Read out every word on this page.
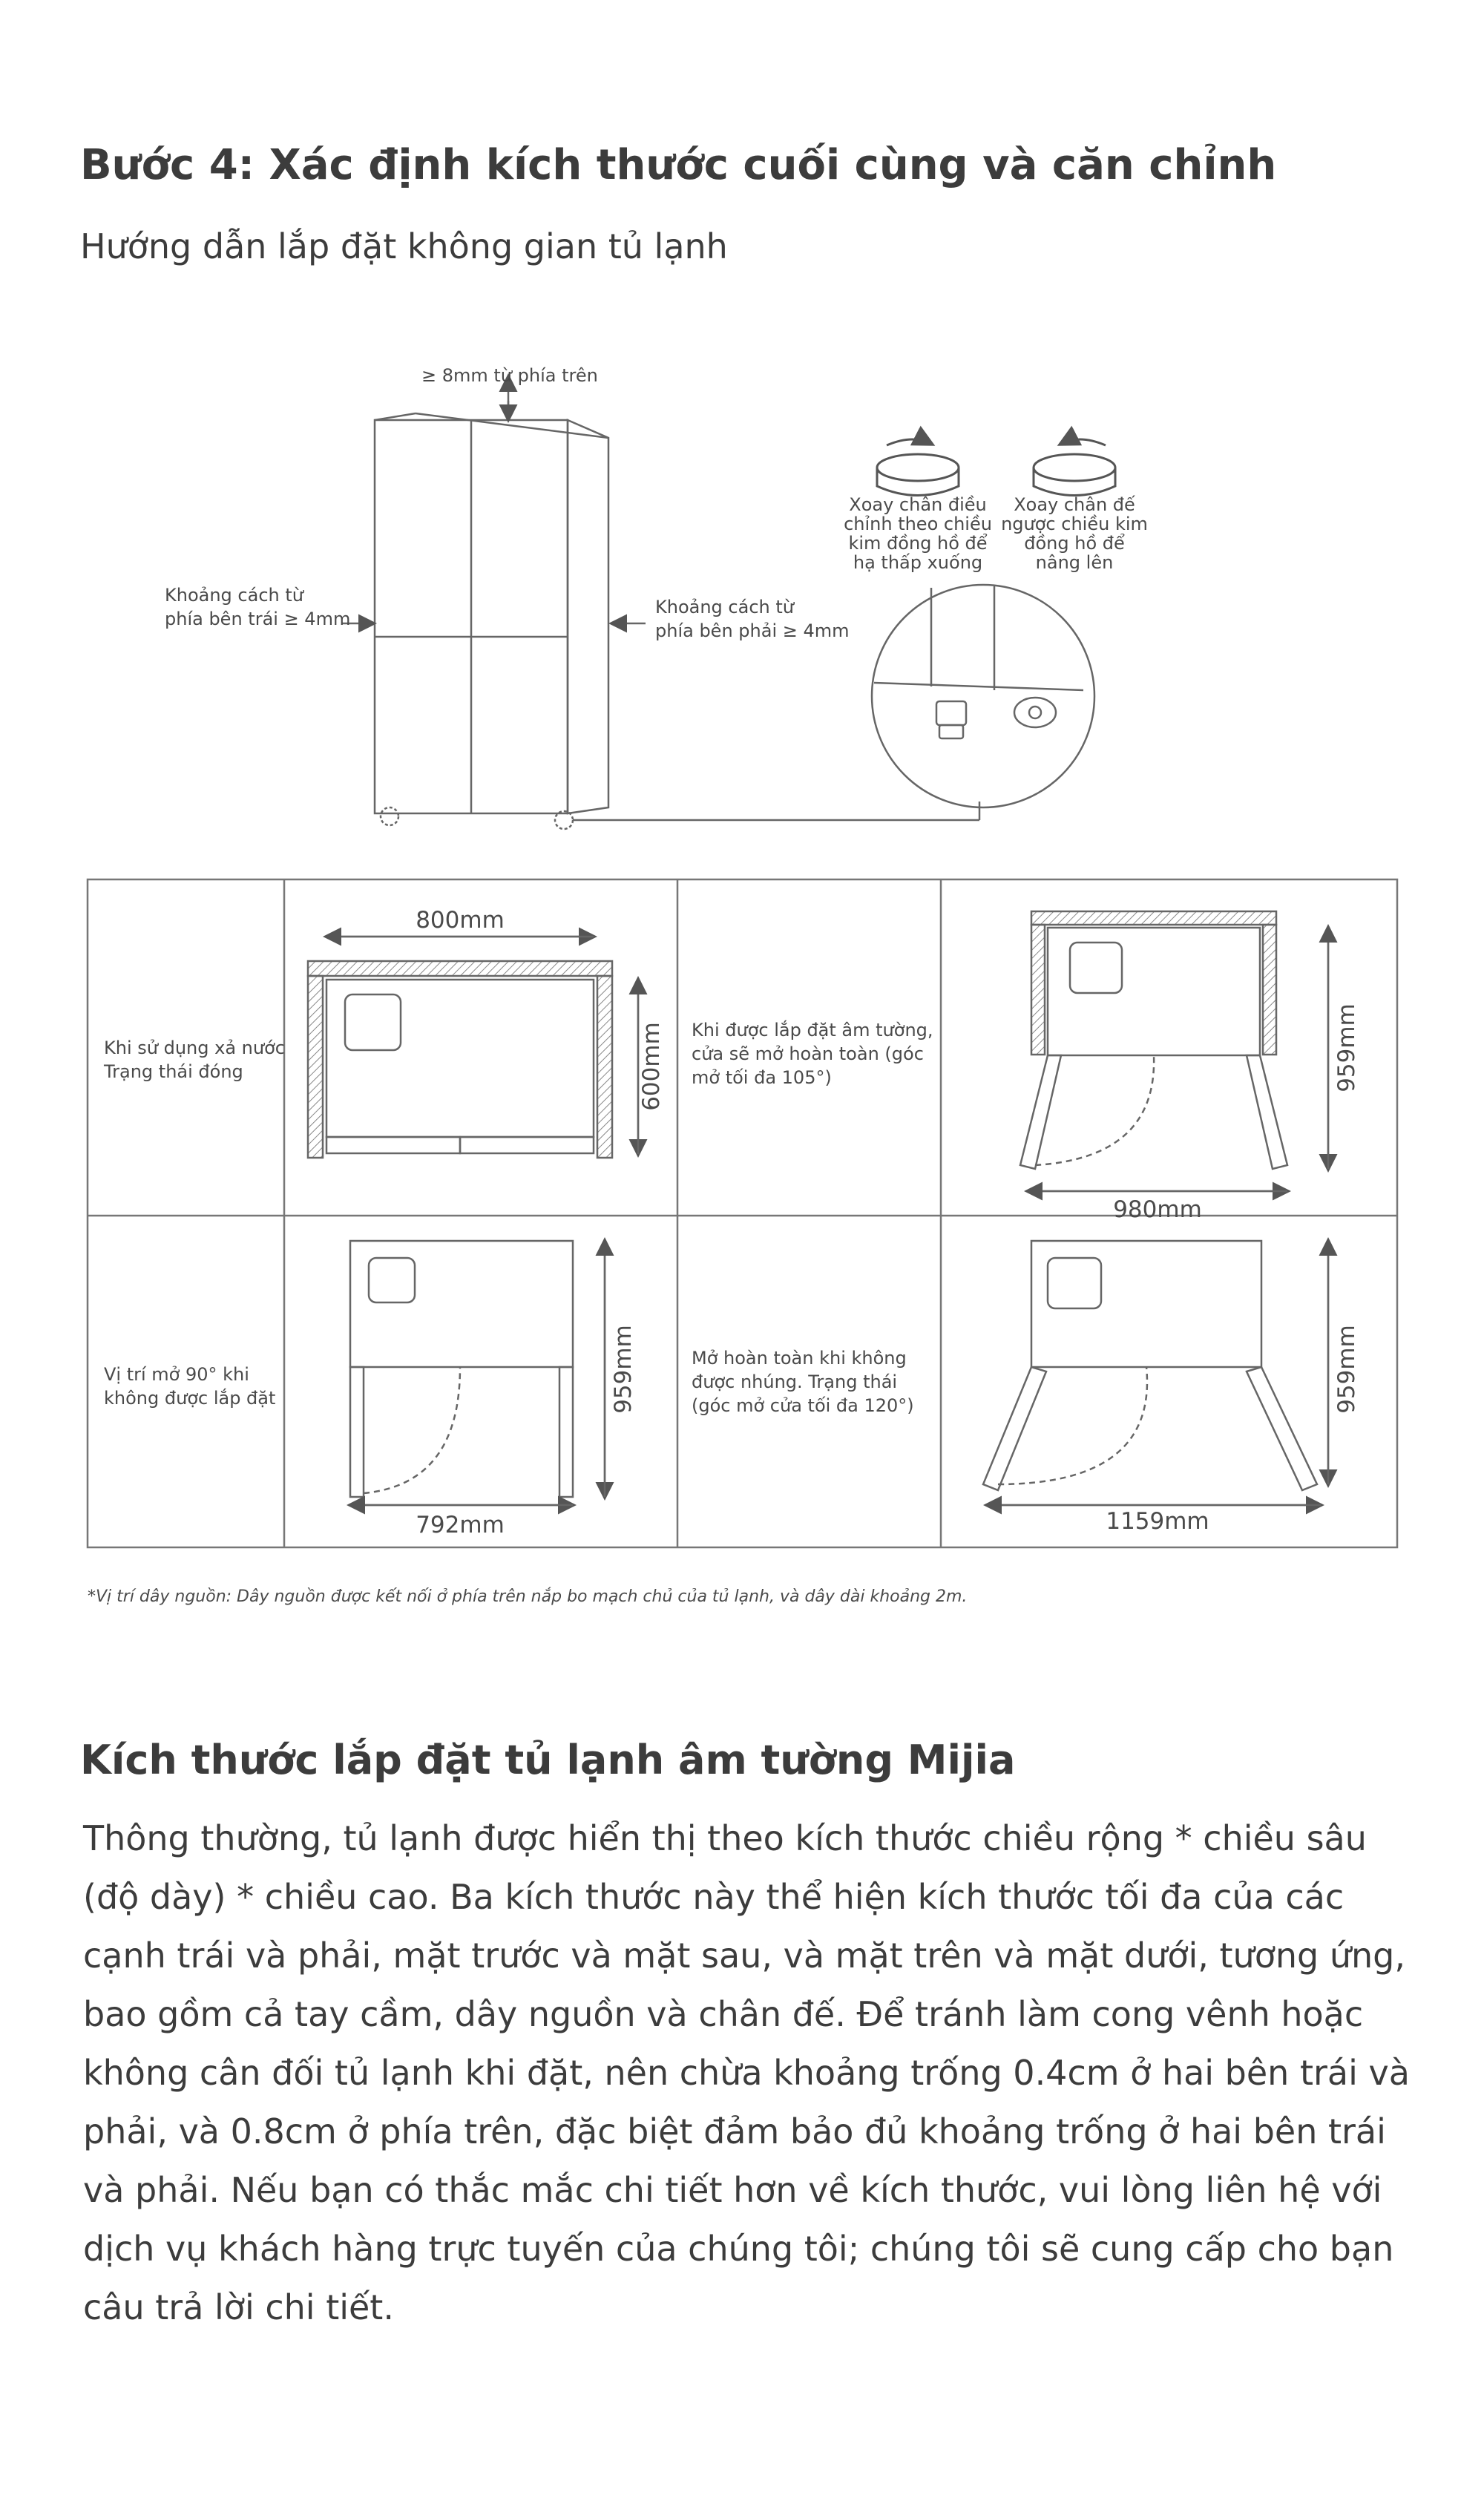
Bước 4: Xác định kích thước cuối cùng và căn chỉnh
Hướng dẫn lắp đặt không gian tủ lạnh
≥ 8mm từ phía trên
Khoảng cách từ
phía bên trái ≥ 4mm
Khoảng cách từ
phía bên phải ≥ 4mm
Xoay chân điều
chỉnh theo chiều
kim đồng hồ để
hạ thấp xuống
Xoay chân đế
ngược chiều kim
đồng hồ để
nâng lên
Khi sử dụng xả nước
Trạng thái đóng
Khi được lắp đặt âm tường,
cửa sẽ mở hoàn toàn (góc
mở tối đa 105°)
Vị trí mở 90° khi
không được lắp đặt
Mở hoàn toàn khi không
được nhúng. Trạng thái
(góc mở cửa tối đa 120°)
800mm
600mm
980mm
959mm
792mm
959mm
1159mm
959mm
*Vị trí dây nguồn: Dây nguồn được kết nối ở phía trên nắp bo mạch chủ của tủ lạnh, và dây dài khoảng 2m.
Kích thước lắp đặt tủ lạnh âm tường Mijia
Thông thường, tủ lạnh được hiển thị theo kích thước chiều rộng * chiều sâu (độ dày) * chiều cao. Ba kích thước này thể hiện kích thước tối đa của các cạnh trái và phải, mặt trước và mặt sau, và mặt trên và mặt dưới, tương ứng, bao gồm cả tay cầm, dây nguồn và chân đế. Để tránh làm cong vênh hoặc không cân đối tủ lạnh khi đặt, nên chừa khoảng trống 0.4cm ở hai bên trái và phải, và 0.8cm ở phía trên, đặc biệt đảm bảo đủ khoảng trống ở hai bên trái và phải. Nếu bạn có thắc mắc chi tiết hơn về kích thước, vui lòng liên hệ với dịch vụ khách hàng trực tuyến của chúng tôi; chúng tôi sẽ cung cấp cho bạn câu trả lời chi tiết.
